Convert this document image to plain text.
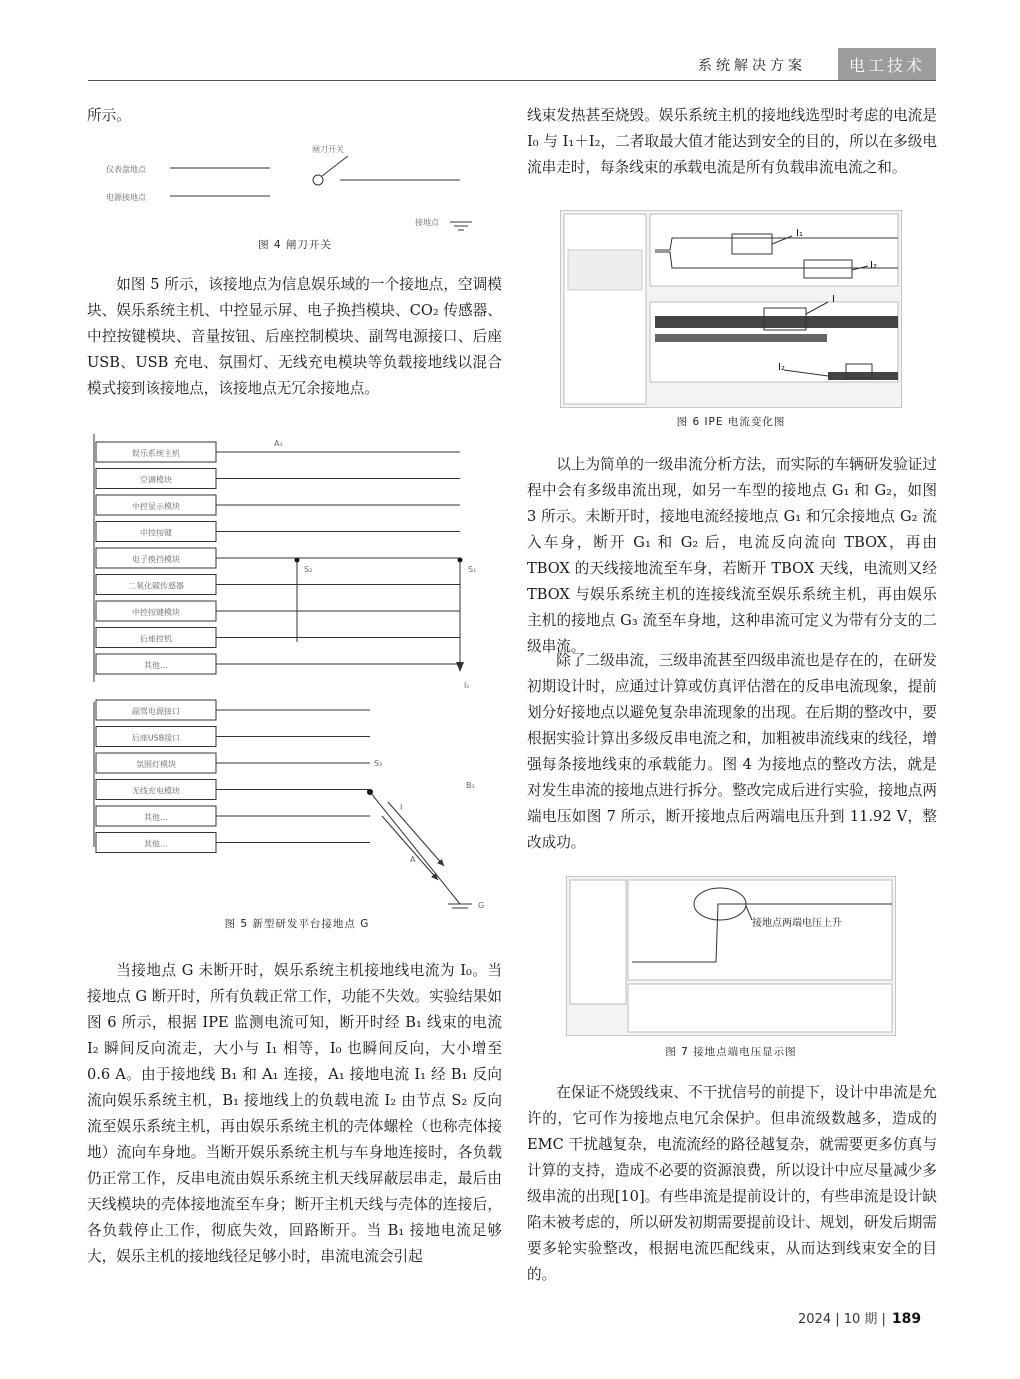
系统解决方案	电工技术

所示。

仪表盘地点
电源接地点
闸刀开关
接地点
图 4 闸刀开关

如图 5 所示，该接地点为信息娱乐域的一个接地点，空调模块、娱乐系统主机、中控显示屏、电子换挡模块、CO₂ 传感器、中控按键模块、音量按钮、后座控制模块、副驾电源接口、后座 USB、USB 充电、氛围灯、无线充电模块等负载接地线以混合模式接到该接地点，该接地点无冗余接地点。

A₁
S₂	S₁
I₁
S₃
B₁
I
A
G
娱乐系统主机
空调模块
中控显示模块
中控按键
电子换挡模块
二氧化碳传感器
中控按键模块
后座控机
其他…
副驾电源接口
后座USB接口
氛围灯模块
无线充电模块
其他…
其他…
图 5 新型研发平台接地点 G

当接地点 G 未断开时，娱乐系统主机接地线电流为 I₀。当接地点 G 断开时，所有负载正常工作，功能不失效。实验结果如图 6 所示，根据 IPE 监测电流可知，断开时经 B₁ 线束的电流 I₂ 瞬间反向流走，大小与 I₁ 相等，I₀ 也瞬间反向，大小增至 0.6 A。由于接地线 B₁ 和 A₁ 连接，A₁ 接地电流 I₁ 经 B₁ 反向流向娱乐系统主机，B₁ 接地线上的负载电流 I₂ 由节点 S₂ 反向流至娱乐系统主机，再由娱乐系统主机的壳体螺栓（也称壳体接地）流向车身地。当断开娱乐系统主机与车身地连接时，各负载仍正常工作，反串电流由娱乐系统主机天线屏蔽层串走，最后由天线模块的壳体接地流至车身；断开主机天线与壳体的连接后，各负载停止工作，彻底失效，回路断开。当 B₁ 接地电流足够大，娱乐主机的接地线径足够小时，串流电流会引起

线束发热甚至烧毁。娱乐系统主机的接地线选型时考虑的电流是 I₀ 与 I₁＋I₂，二者取最大值才能达到安全的目的，所以在多级电流串走时，每条线束的承载电流是所有负载串流电流之和。

I₁
I₂
I
I₂
图 6 IPE 电流变化图

以上为简单的一级串流分析方法，而实际的车辆研发验证过程中会有多级串流出现，如另一车型的接地点 G₁ 和 G₂，如图 3 所示。未断开时，接地电流经接地点 G₁ 和冗余接地点 G₂ 流入车身，断开 G₁ 和 G₂ 后，电流反向流向 TBOX，再由 TBOX 的天线接地流至车身，若断开 TBOX 天线，电流则又经 TBOX 与娱乐系统主机的连接线流至娱乐系统主机，再由娱乐主机的接地点 G₃ 流至车身地，这种串流可定义为带有分支的二级串流。

除了二级串流，三级串流甚至四级串流也是存在的，在研发初期设计时，应通过计算或仿真评估潜在的反串电流现象，提前划分好接地点以避免复杂串流现象的出现。在后期的整改中，要根据实验计算出多级反串电流之和，加粗被串流线束的线径，增强每条接地线束的承载能力。图 4 为接地点的整改方法，就是对发生串流的接地点进行拆分。整改完成后进行实验，接地点两端电压如图 7 所示，断开接地点后两端电压升到 11.92 V，整改成功。

接地点两端电压上升
图 7 接地点端电压显示图

在保证不烧毁线束、不干扰信号的前提下，设计中串流是允许的，它可作为接地点电冗余保护。但串流级数越多，造成的 EMC 干扰越复杂，电流流经的路径越复杂，就需要更多仿真与计算的支持，造成不必要的资源浪费，所以设计中应尽量减少多级串流的出现[10]。有些串流是提前设计的，有些串流是设计缺陷未被考虑的，所以研发初期需要提前设计、规划，研发后期需要多轮实验整改，根据电流匹配线束，从而达到线束安全的目的。

2024 | 10 期 | 189
